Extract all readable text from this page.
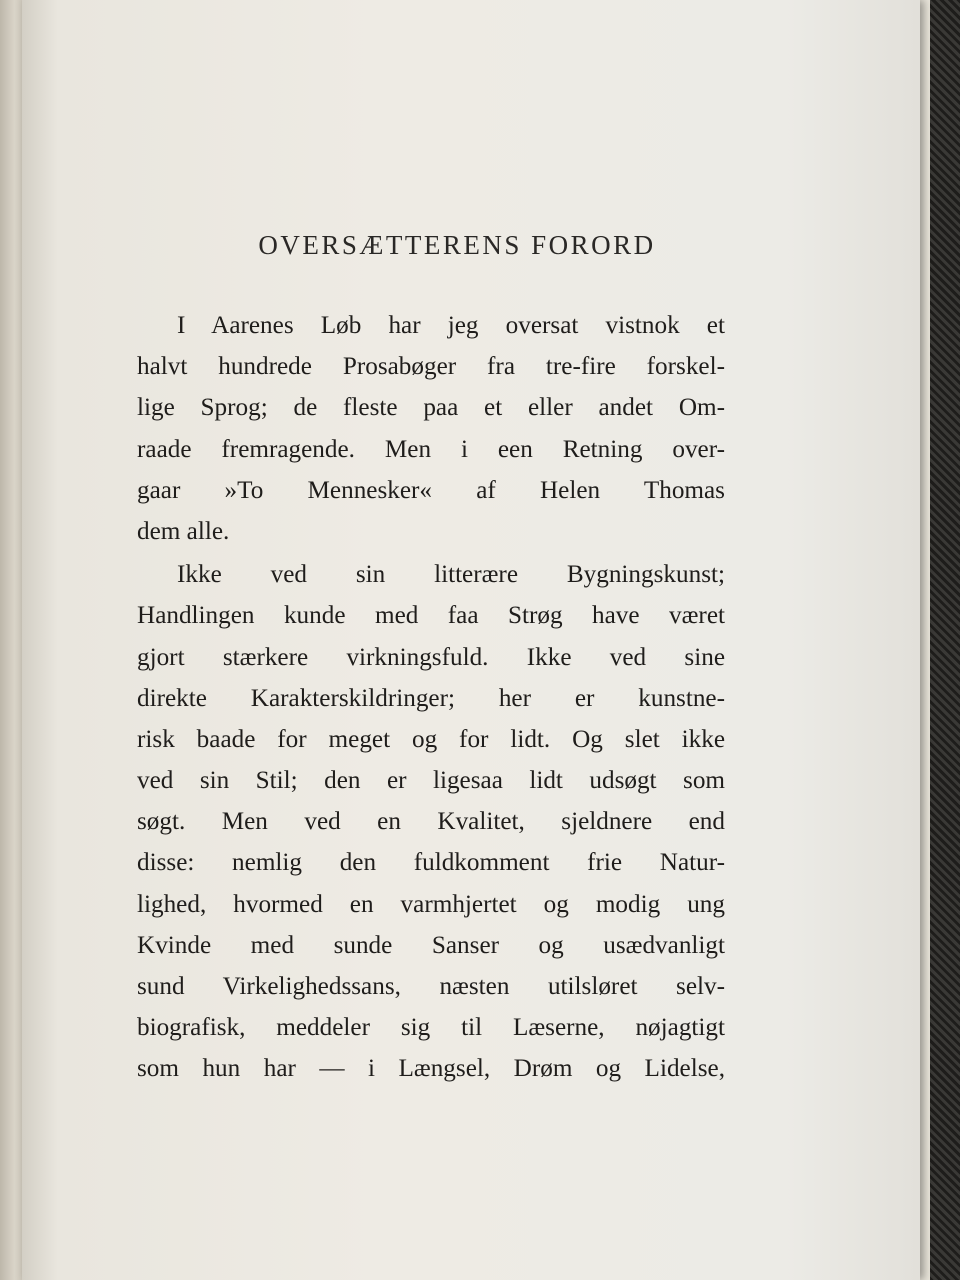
OVERSÆTTERENS FORORD
I Aarenes Løb har jeg oversat vistnok et
halvt hundrede Prosabøger fra tre-fire forskel-
lige Sprog; de fleste paa et eller andet Om-
raade fremragende. Men i een Retning over-
gaar »To Mennesker« af Helen Thomas
dem alle.
Ikke ved sin litterære Bygningskunst;
Handlingen kunde med faa Strøg have været
gjort stærkere virkningsfuld. Ikke ved sine
direkte Karakterskildringer; her er kunstne-
risk baade for meget og for lidt. Og slet ikke
ved sin Stil; den er ligesaa lidt udsøgt som
søgt. Men ved en Kvalitet, sjeldnere end
disse: nemlig den fuldkomment frie Natur-
lighed, hvormed en varmhjertet og modig ung
Kvinde med sunde Sanser og usædvanligt
sund Virkelighedssans, næsten utilsløret selv-
biografisk, meddeler sig til Læserne, nøjagtigt
som hun har — i Længsel, Drøm og Lidelse,
